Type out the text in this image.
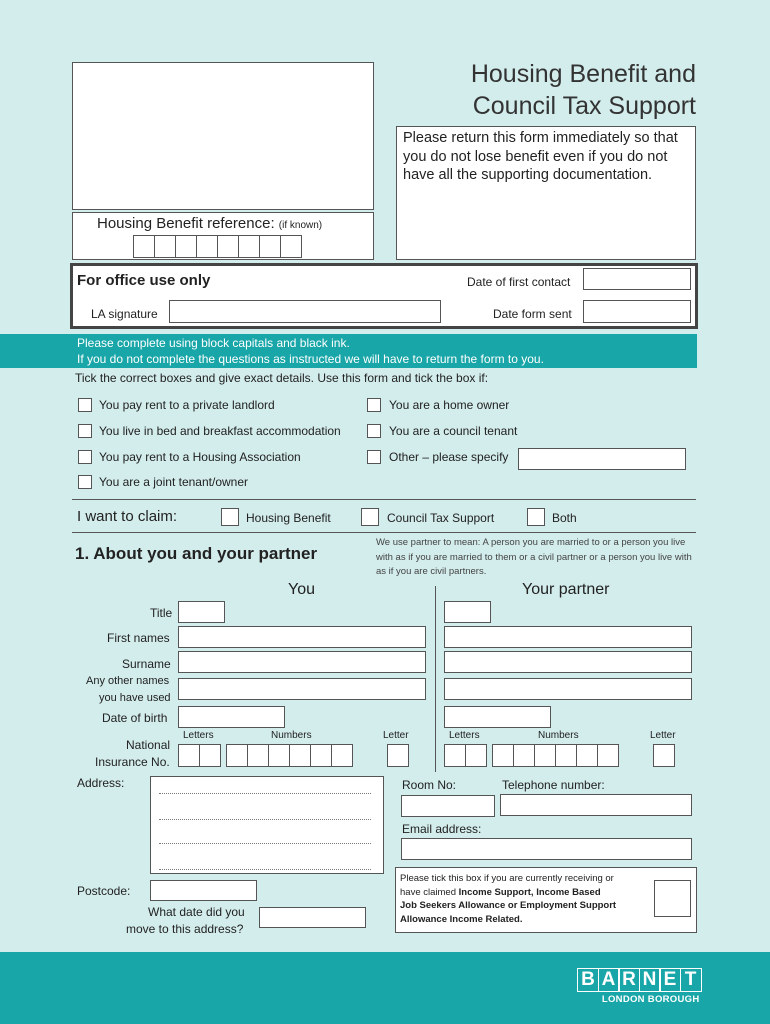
Housing Benefit reference: (if known)
Housing Benefit and
Council Tax Support
Please return this form immediately so that you do not lose benefit even if you do not have all the supporting documentation.
For office use only	Date of first contact
LA signature	Date form sent
Please complete using block capitals and black ink.
If you do not complete the questions as instructed we will have to return the form to you.
Tick the correct boxes and give exact details. Use this form and tick the box if:
You pay rent to a private landlord	You are a home owner
You live in bed and breakfast accommodation	You are a council tenant
You pay rent to a Housing Association	Other – please specify
You are a joint tenant/owner
I want to claim:	Housing Benefit	Council Tax Support	Both
1. About you and your partner
We use partner to mean: A person you are married to or a person you live with as if you are married to them or a civil partner or a person you live with as if you are civil partners.
You	Your partner
Title
First names
Surname
Any other names
you have used
Date of birth
National
Insurance No.
Letters	Numbers	Letter	Letters	Numbers	Letter
Address:	Room No:	Telephone number:
Email address:
Postcode:
What date did you
move to this address?
Please tick this box if you are currently receiving or
have claimed Income Support, Income Based
Job Seekers Allowance or Employment Support
Allowance Income Related.
B A R N E T
LONDON BOROUGH
